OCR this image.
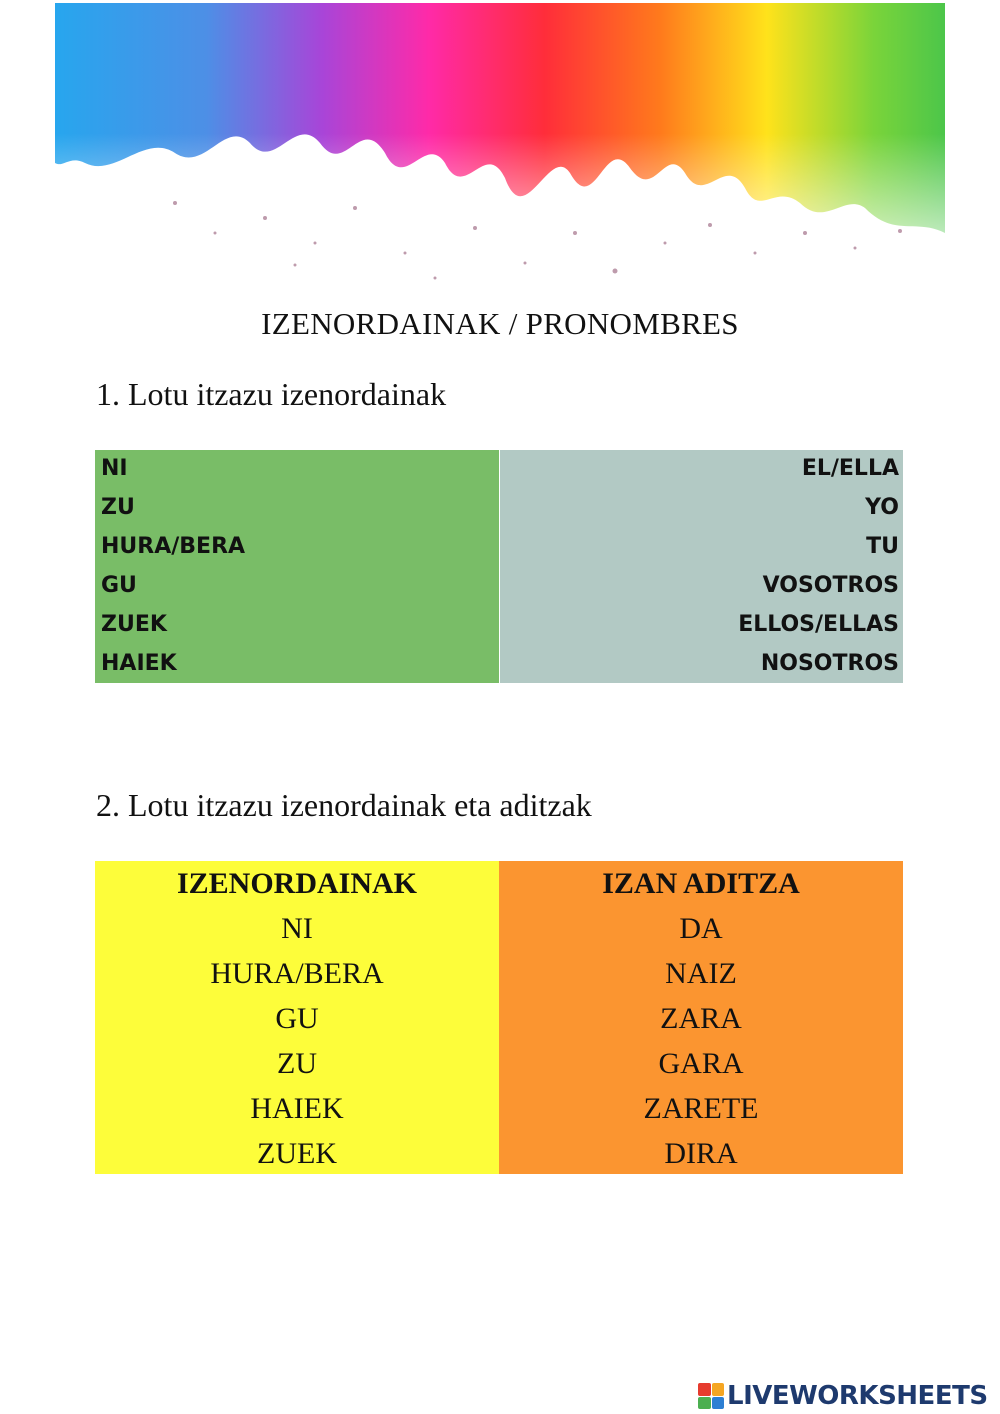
IZENORDAINAK / PRONOMBRES
1. Lotu itzazu izenordainak
NI
ZU
HURA/BERA
GU
ZUEK
HAIEK
EL/ELLA
YO
TU
VOSOTROS
ELLOS/ELLAS
NOSOTROS
2. Lotu itzazu izenordainak eta aditzak
IZENORDAINAK
NI
HURA/BERA
GU
ZU
HAIEK
ZUEK
IZAN ADITZA
DA
NAIZ
ZARA
GARA
ZARETE
DIRA
LIVEWORKSHEETS
